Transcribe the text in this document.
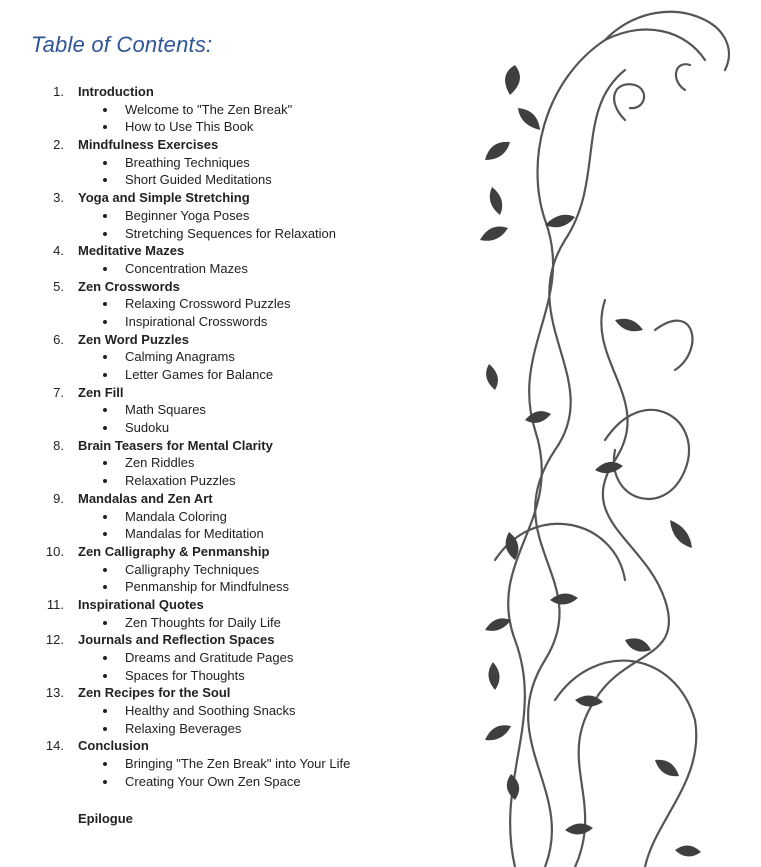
Table of Contents:
1. Introduction
Welcome to "The Zen Break"
How to Use This Book
2. Mindfulness Exercises
Breathing Techniques
Short Guided Meditations
3. Yoga and Simple Stretching
Beginner Yoga Poses
Stretching Sequences for Relaxation
4. Meditative Mazes
Concentration Mazes
5. Zen Crosswords
Relaxing Crossword Puzzles
Inspirational Crosswords
6. Zen Word Puzzles
Calming Anagrams
Letter Games for Balance
7. Zen Fill
Math Squares
Sudoku
8. Brain Teasers for Mental Clarity
Zen Riddles
Relaxation Puzzles
9. Mandalas and Zen Art
Mandala Coloring
Mandalas for Meditation
10. Zen Calligraphy & Penmanship
Calligraphy Techniques
Penmanship for Mindfulness
11. Inspirational Quotes
Zen Thoughts for Daily Life
12. Journals and Reflection Spaces
Dreams and Gratitude Pages
Spaces for Thoughts
13. Zen Recipes for the Soul
Healthy and Soothing Snacks
Relaxing Beverages
14. Conclusion
Bringing "The Zen Break" into Your Life
Creating Your Own Zen Space
Epilogue
